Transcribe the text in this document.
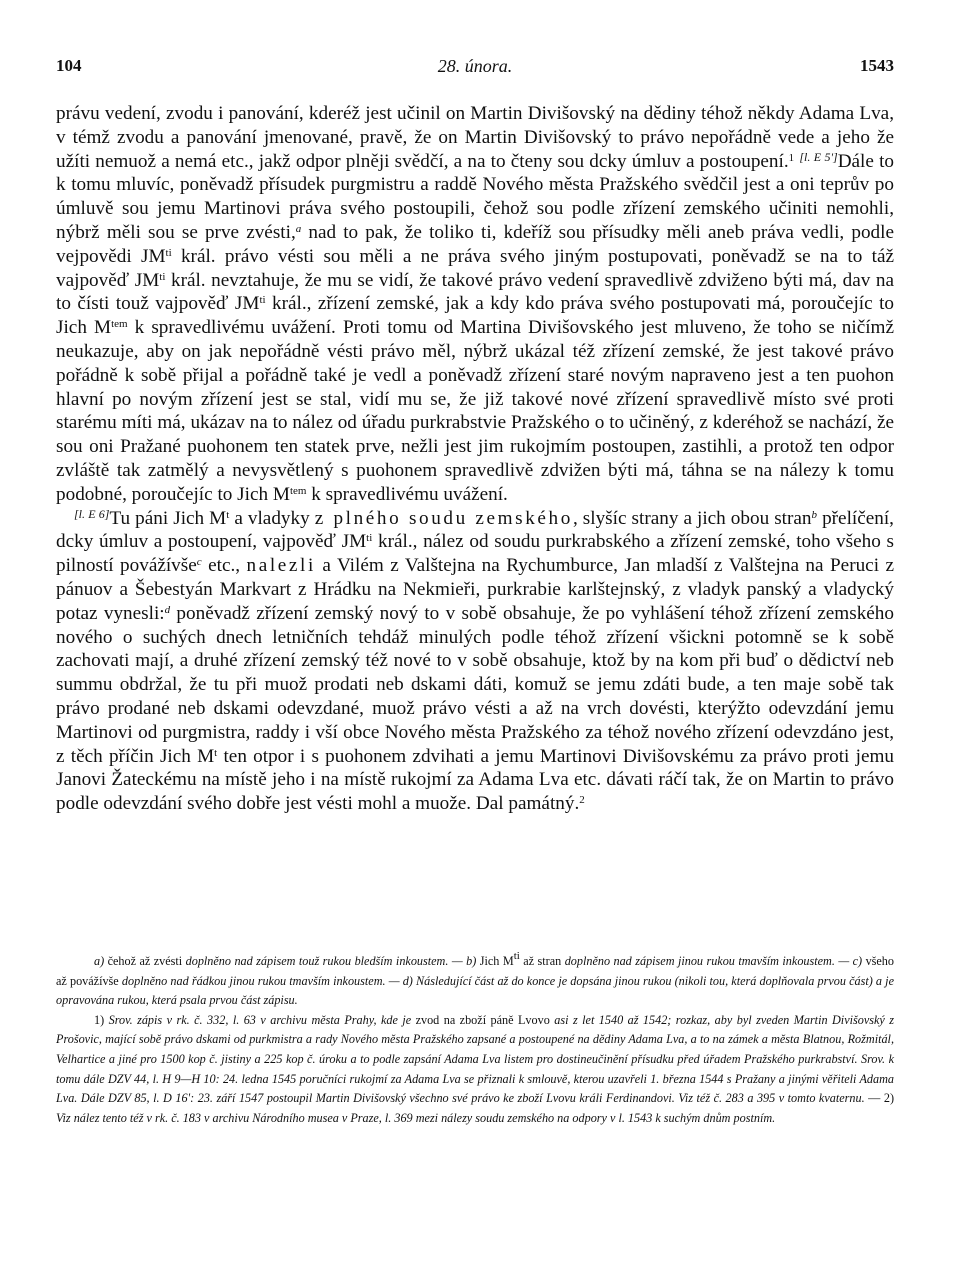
104	28. února.	1543

právu vedení, zvodu i panování, kderéž jest učinil on Martin Divišovský na dědiny téhož někdy Adama Lva, v témž zvodu a panování jmenované, pravě, že on Martin Divišovský to právo nepořádně vede a jeho že užíti nemuož a nemá etc., jakž odpor plněji svědčí, a na to čteny sou dcky úmluv a postoupení.$^1$ [l. E 5']Dále to k tomu mluvíc, poněvadž přísudek purgmistru a raddě Nového města Pražského svědčil jest a oni teprův po úmluvě sou jemu Martinovi práva svého postoupili, čehož sou podle zřízení zemského učiniti nemohli, nýbrž měli sou se prve zvésti,$^a$ nad to pak, že toliko ti, kdeříž sou přísudky měli aneb práva vedli, podle vejpovědi $JM^{ti}$ král. právo vésti sou měli a ne práva svého jiným postupovati, poněvadž se na to táž vajpověď $JM^{ti}$ král. nevztahuje, že mu se vidí, že takové právo vedení spravedlivě zdviženo býti má, dav na to čísti touž vajpověď $JM^{ti}$ král., zřízení zemské, jak a kdy kdo práva svého postupovati má, poroučejíc to Jich $M^{tem}$ k spravedlivému uvážení. Proti tomu od Martina Divišovského jest mluveno, že toho se ničímž neukazuje, aby on jak nepořádně vésti právo měl, nýbrž ukázal též zřízení zemské, že jest takové právo pořádně k sobě přijal a pořádně také je vedl a poněvadž zřízení staré novým napraveno jest a ten puohon hlavní po novým zřízení jest se stal, vidí mu se, že již takové nové zřízení spravedlivě místo své proti starému míti má, ukázav na to nález od úřadu purkrabstvie Pražského o to učiněný, z kderéhož se nachází, že sou oni Pražané puohonem ten statek prve, nežli jest jim rukojmím postoupen, zastihli, a protož ten odpor zvláště tak zatmělý a nevysvětlený s puohonem spravedlivě zdvižen býti má, táhna se na nálezy k tomu podobné, poroučejíc to Jich $M^{tem}$ k spravedlivému uvážení.

[l. E 6]Tu páni Jich $M^t$ a vladyky z plného soudu zemského, slyšíc strany a jich obou stran$^b$ přelíčení, dcky úmluv a postoupení, vajpověď $JM^{ti}$ král., nález od soudu purkrabského a zřízení zemské, toho všeho s pilností povážívše$^c$ etc., nalezli a Vilém z Valštejna na Rychumburce, Jan mladší z Valštejna na Peruci z pánuov a Šebestyán Markvart z Hrádku na Nekmieři, purkrabie karlštejnský, z vladyk panský a vladycký potaz vynesli:$^d$ poněvadž zřízení zemský nový to v sobě obsahuje, že po vyhlášení téhož zřízení zemského nového o suchých dnech letničních tehdáž minulých podle téhož zřízení všickni potomně se k sobě zachovati mají, a druhé zřízení zemský též nové to v sobě obsahuje, ktož by na kom při buď o dědictví neb summu obdržal, že tu při muož prodati neb dskami dáti, komuž se jemu zdáti bude, a ten maje sobě tak právo prodané neb dskami odevzdané, muož právo vésti a až na vrch dovésti, kterýžto odevzdání jemu Martinovi od purgmistra, raddy i vší obce Nového města Pražského za téhož nového zřízení odevzdáno jest, z těch příčin Jich $M^t$ ten otpor i s puohonem zdvihati a jemu Martinovi Divišovskému za právo proti jemu Janovi Žateckému na místě jeho i na místě rukojmí za Adama Lva etc. dávati ráčí tak, že on Martin to právo podle odevzdání svého dobře jest vésti mohl a muože. Dal památný.$^2$

a) čehož až zvésti doplněno nad zápisem touž rukou bledším inkoustem. — b) Jich $M^{ti}$ až stran doplněno nad zápisem jinou rukou tmavším inkoustem. — c) všeho až povážívše doplněno nad řádkou jinou rukou tmavším inkoustem. — d) Následující část až do konce je dopsána jinou rukou (nikoli tou, která doplňovala prvou část) a je opravována rukou, která psala prvou část zápisu.

1) Srov. zápis v rk. č. 332, l. 63 v archivu města Prahy, kde je zvod na zboží páně Lvovo asi z let 1540 až 1542; rozkaz, aby byl zveden Martin Divišovský z Prošovic, mající sobě právo dskami od purkmistra a rady Nového města Pražského zapsané a postoupené na dědiny Adama Lva, a to na zámek a města Blatnou, Rožmitál, Velhartice a jiné pro 1500 kop č. jistiny a 225 kop č. úroku a to podle zapsání Adama Lva listem pro dostineučinění přísudku před úřadem Pražského purkrabství. Srov. k tomu dále DZV 44, l. H 9—H 10: 24. ledna 1545 poručníci rukojmí za Adama Lva se přiznali k smlouvě, kterou uzavřeli 1. března 1544 s Pražany a jinými věřiteli Adama Lva. Dále DZV 85, l. D 16': 23. září 1547 postoupil Martin Divišovský všechno své právo ke zboží Lvovu králi Ferdinandovi. Viz též č. 283 a 395 v tomto kvaternu. — 2) Viz nález tento též v rk. č. 183 v archivu Národního musea v Praze, l. 369 mezi nálezy soudu zemského na odpory v l. 1543 k suchým dnům postním.
